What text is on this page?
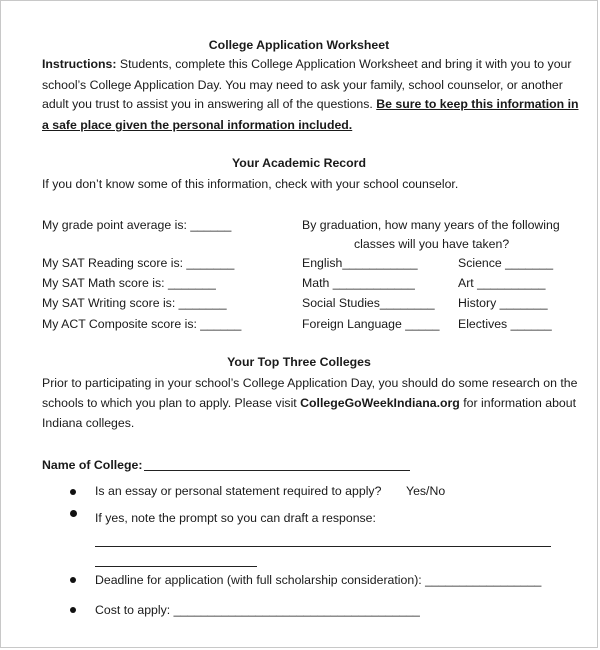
College Application Worksheet
Instructions: Students, complete this College Application Worksheet and bring it with you to your
school’s College Application Day. You may need to ask your family, school counselor, or another
adult you trust to assist you in answering all of the questions. Be sure to keep this information in
a safe place given the personal information included.
Your Academic Record
If you don’t know some of this information, check with your school counselor.
My grade point average is: ______	By graduation, how many years of the following
classes will you have taken?
My SAT Reading score is: _______	English___________	Science _______
My SAT Math score is: _______	Math ____________	Art __________
My SAT Writing score is: _______	Social Studies________ History _______
My ACT Composite score is: ______	Foreign Language _____ Electives ______
Your Top Three Colleges
Prior to participating in your school’s College Application Day, you should do some research on the
schools to which you plan to apply. Please visit CollegeGoWeekIndiana.org for information about
Indiana colleges.
Name of College:
Is an essay or personal statement required to apply? Yes/No
If yes, note the prompt so you can draft a response:
Deadline for application (with full scholarship consideration): _________________
Cost to apply: ____________________________________
